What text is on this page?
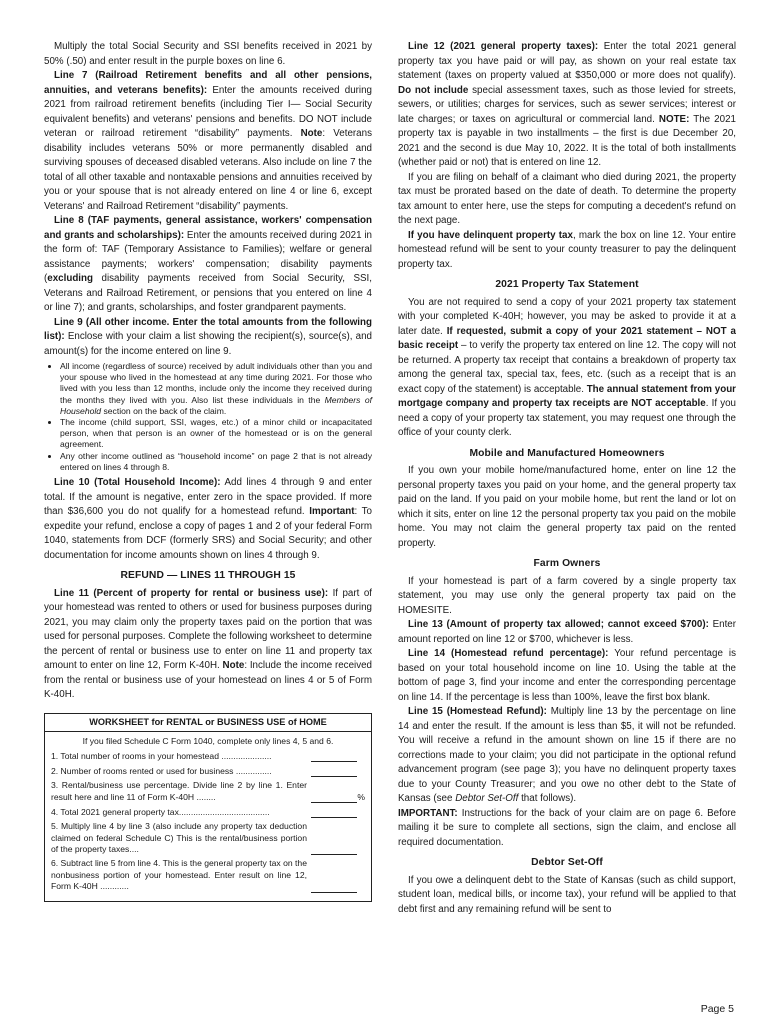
Multiply the total Social Security and SSI benefits received in 2021 by 50% (.50) and enter result in the purple boxes on line 6.

Line 7 (Railroad Retirement benefits and all other pensions, annuities, and veterans benefits): Enter the amounts received during 2021 from railroad retirement benefits (including Tier I— Social Security equivalent benefits) and veterans' pensions and benefits. DO NOT include veteran or railroad retirement “disability” payments. Note: Veterans disability includes veterans 50% or more permanently disabled and surviving spouses of deceased disabled veterans. Also include on line 7 the total of all other taxable and nontaxable pensions and annuities received by you or your spouse that is not already entered on line 4 or line 6, except Veterans' and Railroad Retirement “disability” payments.

Line 8 (TAF payments, general assistance, workers' compensation and grants and scholarships): Enter the amounts received during 2021 in the form of: TAF (Temporary Assistance to Families); welfare or general assistance payments; workers' compensation; disability payments (excluding disability payments received from Social Security, SSI, Veterans and Railroad Retirement, or pensions that you entered on line 4 or line 7); and grants, scholarships, and foster grandparent payments.

Line 9 (All other income. Enter the total amounts from the following list): Enclose with your claim a list showing the recipient(s), source(s), and amount(s) for the income entered on line 9.

• All income (regardless of source) received by adult individuals other than you and your spouse who lived in the homestead at any time during 2021. For those who lived with you less than 12 months, include only the income they received during the months they lived with you. Also list these individuals in the Members of Household section on the back of the claim.
• The income (child support, SSI, wages, etc.) of a minor child or incapacitated person, when that person is an owner of the homestead or is on the general agreement.
• Any other income outlined as “household income” on page 2 that is not already entered on lines 4 through 8.

Line 10 (Total Household Income): Add lines 4 through 9 and enter total. If the amount is negative, enter zero in the space provided. If more than $36,600 you do not qualify for a homestead refund. Important: To expedite your refund, enclose a copy of pages 1 and 2 of your federal Form 1040, statements from DCF (formerly SRS) and Social Security; and other documentation for income amounts shown on lines 4 through 9.

REFUND — LINES 11 THROUGH 15

Line 11 (Percent of property for rental or business use): If part of your homestead was rented to others or used for business purposes during 2021, you may claim only the property taxes paid on the portion that was used for personal purposes. Complete the following worksheet to determine the percent of rental or business use to enter on line 11 and property tax amount to enter on line 12, Form K-40H. Note: Include the income received from the rental or business use of your homestead on lines 4 or 5 of Form K-40H.

WORKSHEET for RENTAL or BUSINESS USE of HOME
If you filed Schedule C Form 1040, complete only lines 4, 5 and 6.
1. Total number of rooms in your homestead .....................
2. Number of rooms rented or used for business ...............
3. Rental/business use percentage. Divide line 2 by line 1. Enter result here and line 11 of Form K-40H ........	%
4. Total 2021 general property tax......................................
5. Multiply line 4 by line 3 (also include any property tax deduction claimed on federal Schedule C) This is the rental/business portion of the property taxes....
6. Subtract line 5 from line 4. This is the general property tax on the nonbusiness portion of your homestead. Enter result on line 12, Form K-40H ............

Line 12 (2021 general property taxes): Enter the total 2021 general property tax you have paid or will pay, as shown on your real estate tax statement (taxes on property valued at $350,000 or more does not qualify). Do not include special assessment taxes, such as those levied for streets, sewers, or utilities; charges for services, such as sewer services; interest or late charges; or taxes on agricultural or commercial land. NOTE: The 2021 property tax is payable in two installments – the first is due December 20, 2021 and the second is due May 10, 2022. It is the total of both installments (whether paid or not) that is entered on line 12.

If you are filing on behalf of a claimant who died during 2021, the property tax must be prorated based on the date of death. To determine the property tax amount to enter here, use the steps for computing a decedent's refund on the next page.

If you have delinquent property tax, mark the box on line 12. Your entire homestead refund will be sent to your county treasurer to pay the delinquent property tax.

2021 Property Tax Statement

You are not required to send a copy of your 2021 property tax statement with your completed K-40H; however, you may be asked to provide it at a later date. If requested, submit a copy of your 2021 statement – NOT a basic receipt – to verify the property tax entered on line 12. The copy will not be returned. A property tax receipt that contains a breakdown of property tax among the general tax, special tax, fees, etc. (such as a receipt that is an exact copy of the statement) is acceptable. The annual statement from your mortgage company and property tax receipts are NOT acceptable. If you need a copy of your property tax statement, you may request one through the office of your county clerk.

Mobile and Manufactured Homeowners

If you own your mobile home/manufactured home, enter on line 12 the personal property taxes you paid on your home, and the general property tax paid on the land. If you paid on your mobile home, but rent the land or lot on which it sits, enter on line 12 the personal property tax you paid on the mobile home. You may not claim the general property tax paid on the rented property.

Farm Owners

If your homestead is part of a farm covered by a single property tax statement, you may use only the general property tax paid on the HOMESITE.

Line 13 (Amount of property tax allowed; cannot exceed $700): Enter amount reported on line 12 or $700, whichever is less.

Line 14 (Homestead refund percentage): Your refund percentage is based on your total household income on line 10. Using the table at the bottom of page 3, find your income and enter the corresponding percentage on line 14. If the percentage is less than 100%, leave the first box blank.

Line 15 (Homestead Refund): Multiply line 13 by the percentage on line 14 and enter the result. If the amount is less than $5, it will not be refunded. You will receive a refund in the amount shown on line 15 if there are no corrections made to your claim; you did not participate in the optional refund advancement program (see page 3); you have no delinquent property taxes due to your County Treasurer; and you owe no other debt to the State of Kansas (see Debtor Set-Off that follows).

IMPORTANT: Instructions for the back of your claim are on page 6. Before mailing it be sure to complete all sections, sign the claim, and enclose all required documentation.

Debtor Set-Off

If you owe a delinquent debt to the State of Kansas (such as child support, student loan, medical bills, or income tax), your refund will be applied to that debt first and any remaining refund will be sent to

Page 5
